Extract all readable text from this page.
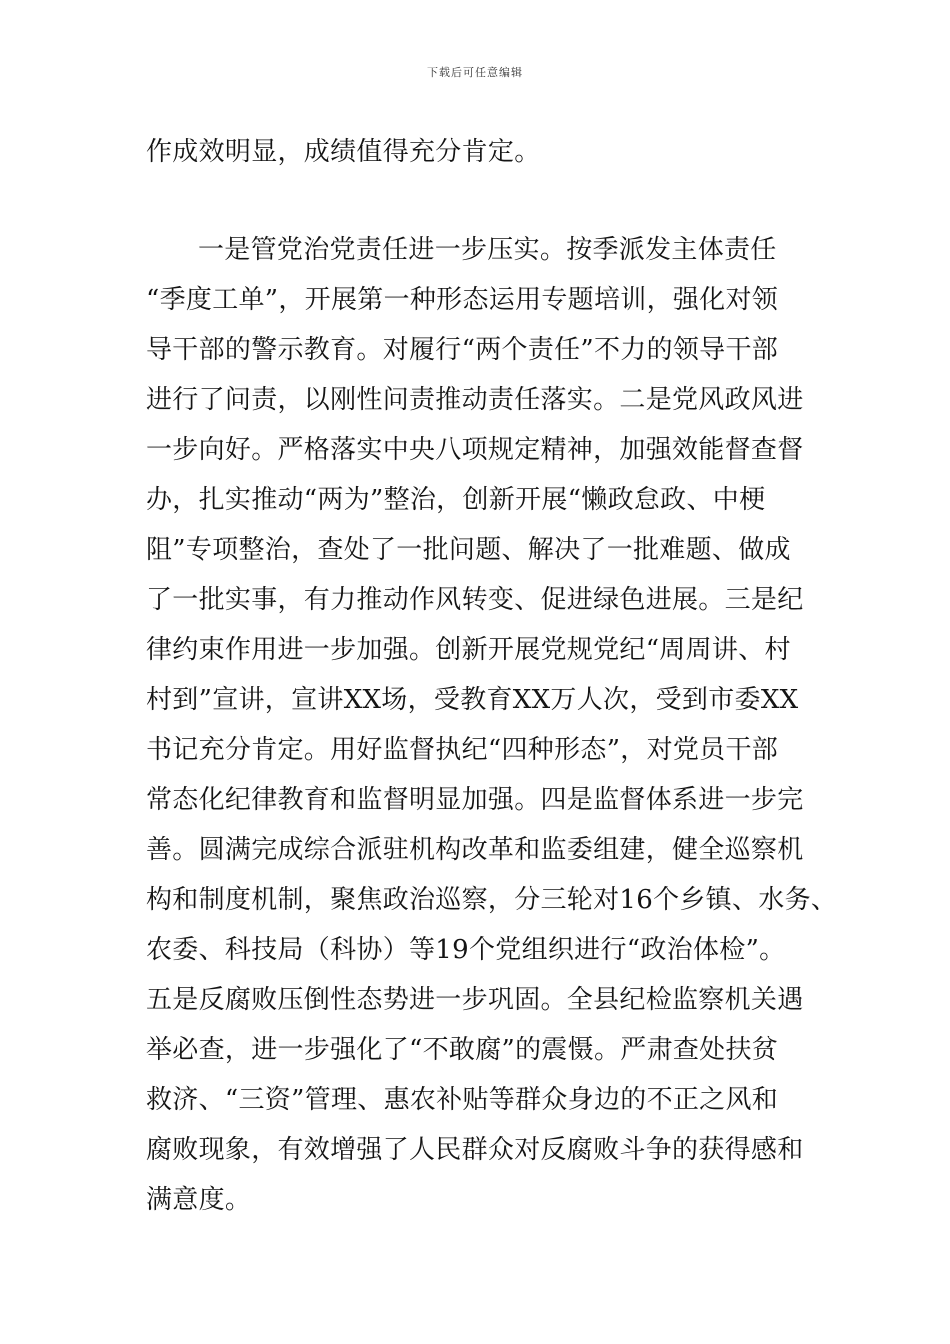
下载后可任意编辑
作成效明显，成绩值得充分肯定。
一是管党治党责任进一步压实。按季派发主体责任
“季度工单”，开展第一种形态运用专题培训，强化对领
导干部的警示教育。对履行“两个责任”不力的领导干部
进行了问责，以刚性问责推动责任落实。二是党风政风进
一步向好。严格落实中央八项规定精神，加强效能督查督
办，扎实推动“两为”整治，创新开展“懒政怠政、中梗
阻”专项整治，查处了一批问题、解决了一批难题、做成
了一批实事，有力推动作风转变、促进绿色进展。三是纪
律约束作用进一步加强。创新开展党规党纪“周周讲、村
村到”宣讲，宣讲XX场，受教育XX万人次，受到市委XX
书记充分肯定。用好监督执纪“四种形态”，对党员干部
常态化纪律教育和监督明显加强。四是监督体系进一步完
善。圆满完成综合派驻机构改革和监委组建，健全巡察机
构和制度机制，聚焦政治巡察，分三轮对16个乡镇、水务、
农委、科技局（科协）等19个党组织进行“政治体检”。
五是反腐败压倒性态势进一步巩固。全县纪检监察机关遇
举必查，进一步强化了“不敢腐”的震慑。严肃查处扶贫
救济、“三资”管理、惠农补贴等群众身边的不正之风和
腐败现象，有效增强了人民群众对反腐败斗争的获得感和
满意度。
